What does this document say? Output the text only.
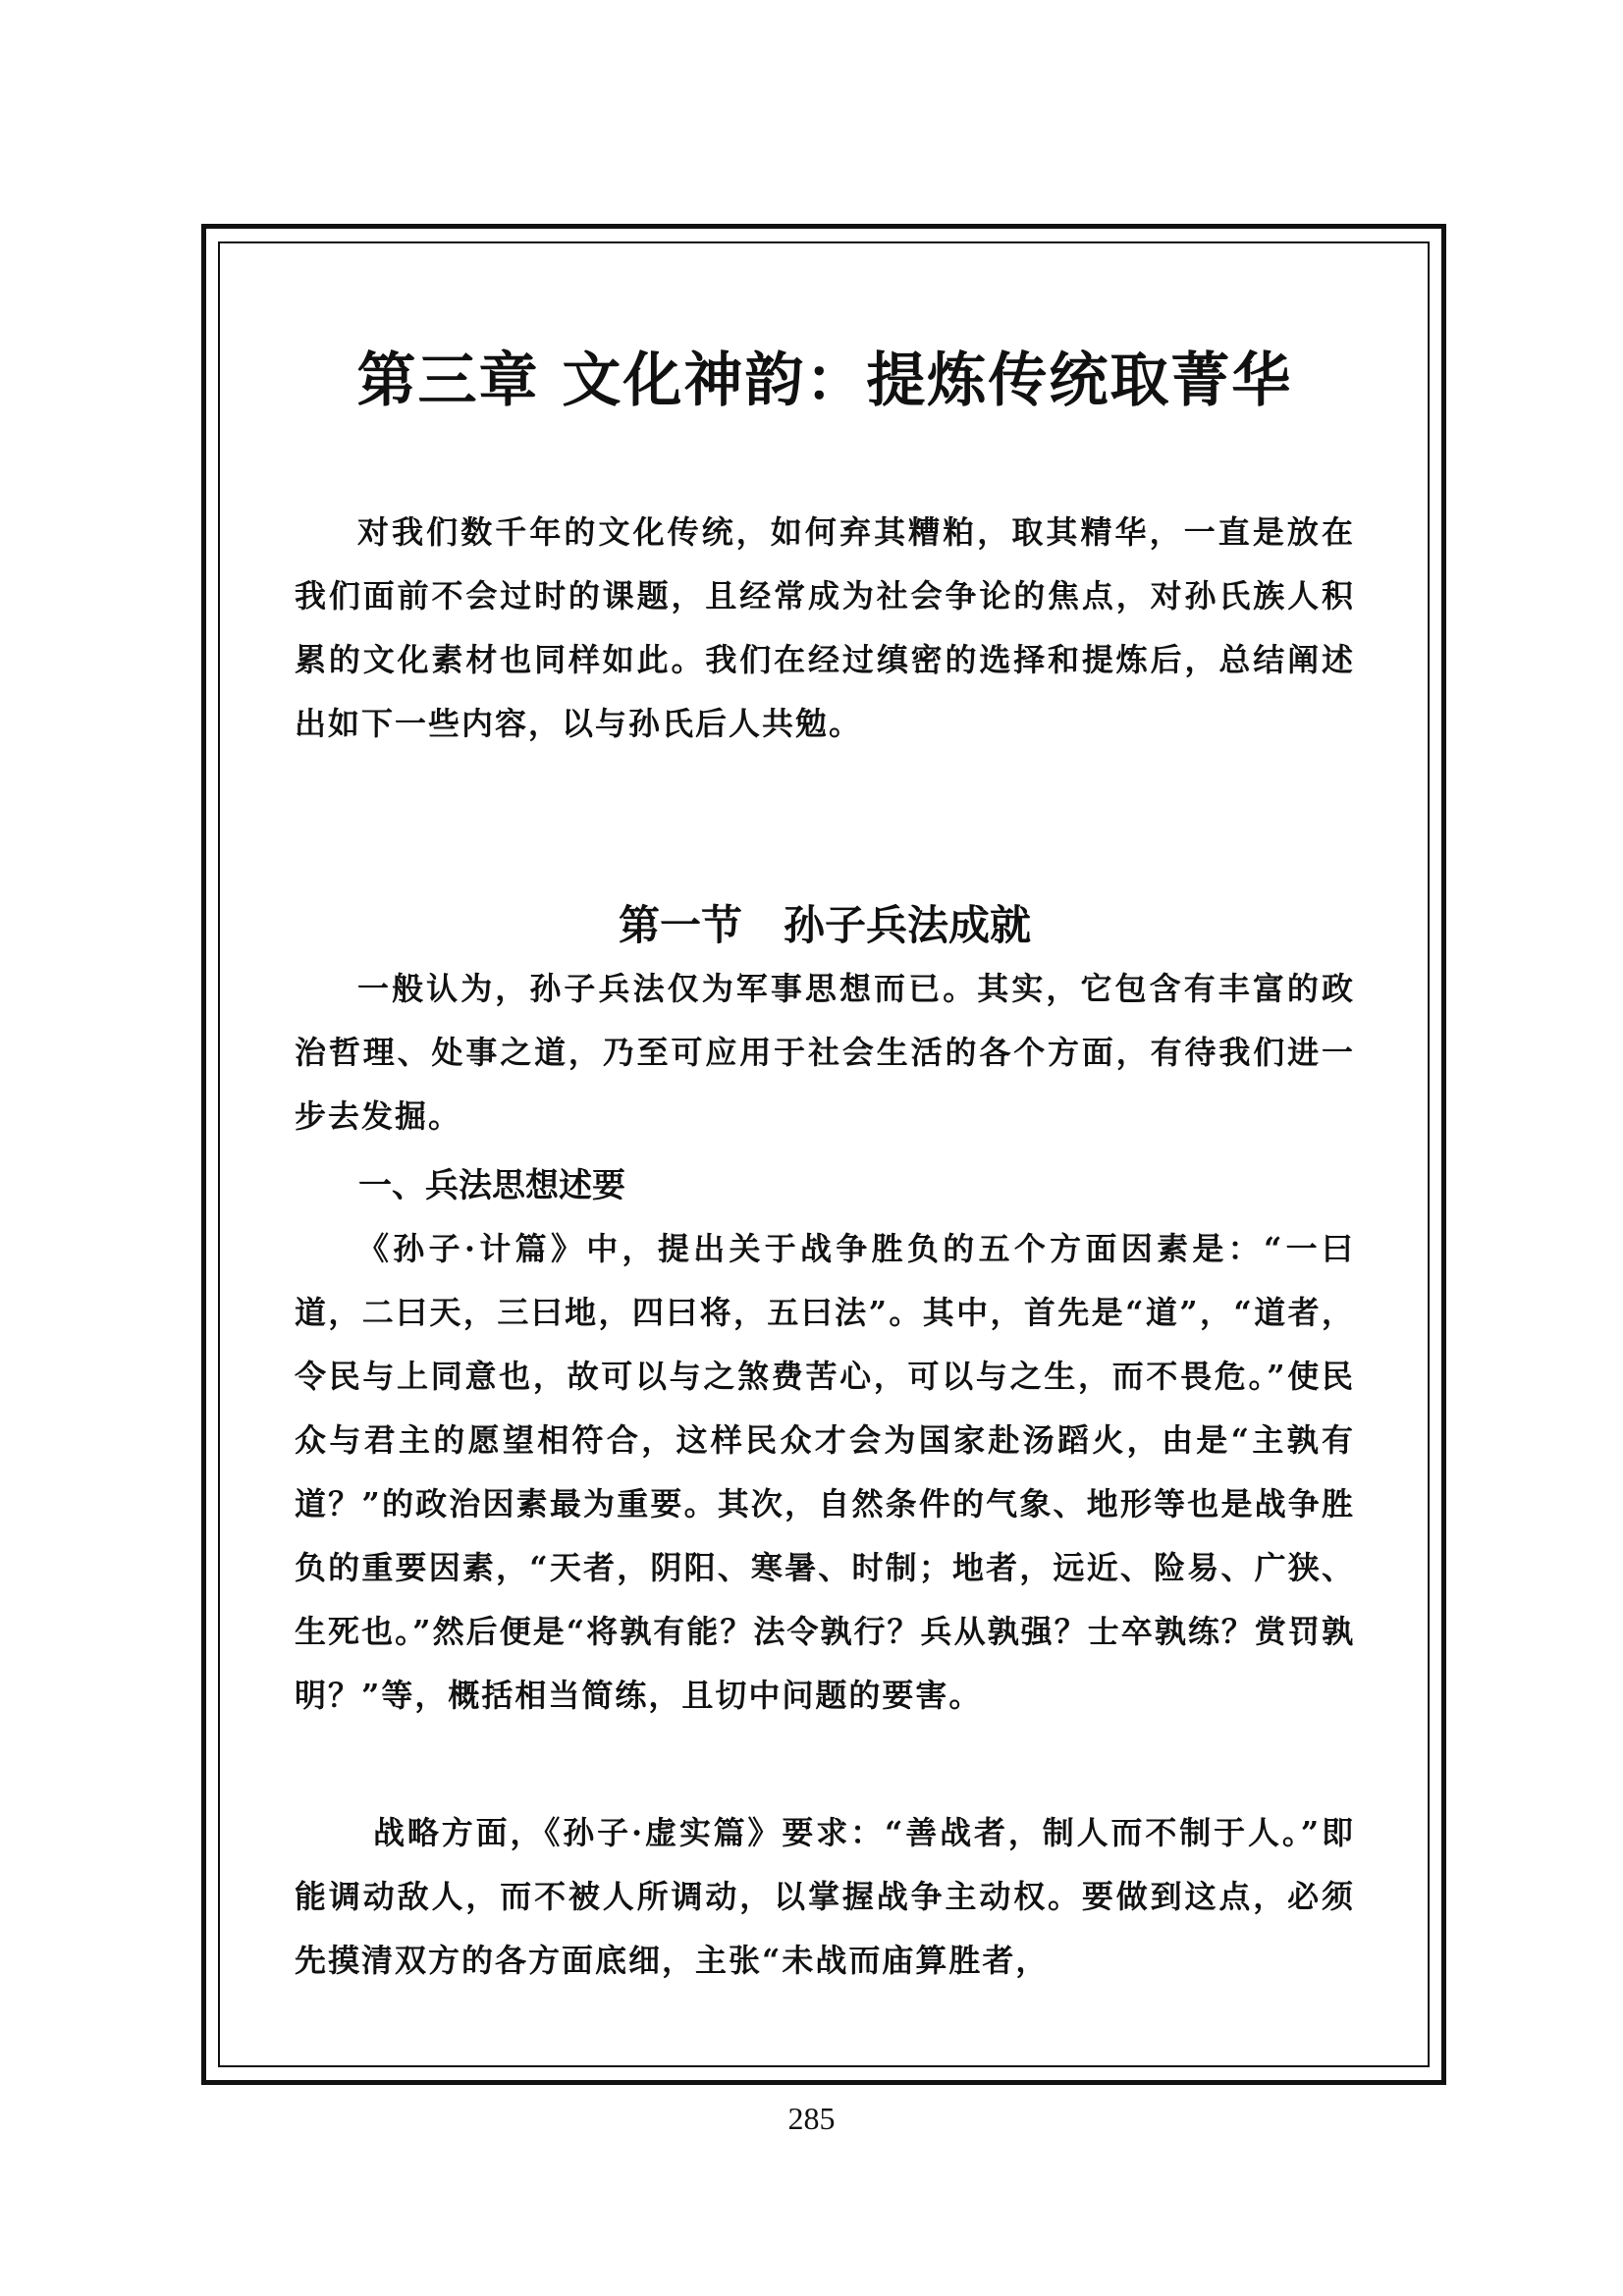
第三章 文化神韵：提炼传统取菁华

对我们数千年的文化传统，如何弃其糟粕，取其精华，一直是放在我们面前不会过时的课题，且经常成为社会争论的焦点，对孙氏族人积累的文化素材也同样如此。我们在经过缜密的选择和提炼后，总结阐述出如下一些内容，以与孙氏后人共勉。

第一节　孙子兵法成就

一般认为，孙子兵法仅为军事思想而已。其实，它包含有丰富的政治哲理、处事之道，乃至可应用于社会生活的各个方面，有待我们进一步去发掘。

一、兵法思想述要

《孙子·计篇》中，提出关于战争胜负的五个方面因素是：“一曰道，二曰天，三曰地，四曰将，五曰法”。其中，首先是“道”，“道者，令民与上同意也，故可以与之煞费苦心，可以与之生，而不畏危。”使民众与君主的愿望相符合，这样民众才会为国家赴汤蹈火，由是“主孰有道？”的政治因素最为重要。其次，自然条件的气象、地形等也是战争胜负的重要因素，“天者，阴阳、寒暑、时制；地者，远近、险易、广狭、生死也。”然后便是“将孰有能？法令孰行？兵从孰强？士卒孰练？赏罚孰明？”等，概括相当简练，且切中问题的要害。

战略方面，《孙子·虚实篇》要求：“善战者，制人而不制于人。”即能调动敌人，而不被人所调动，以掌握战争主动权。要做到这点，必须先摸清双方的各方面底细，主张“未战而庙算胜者，

285
